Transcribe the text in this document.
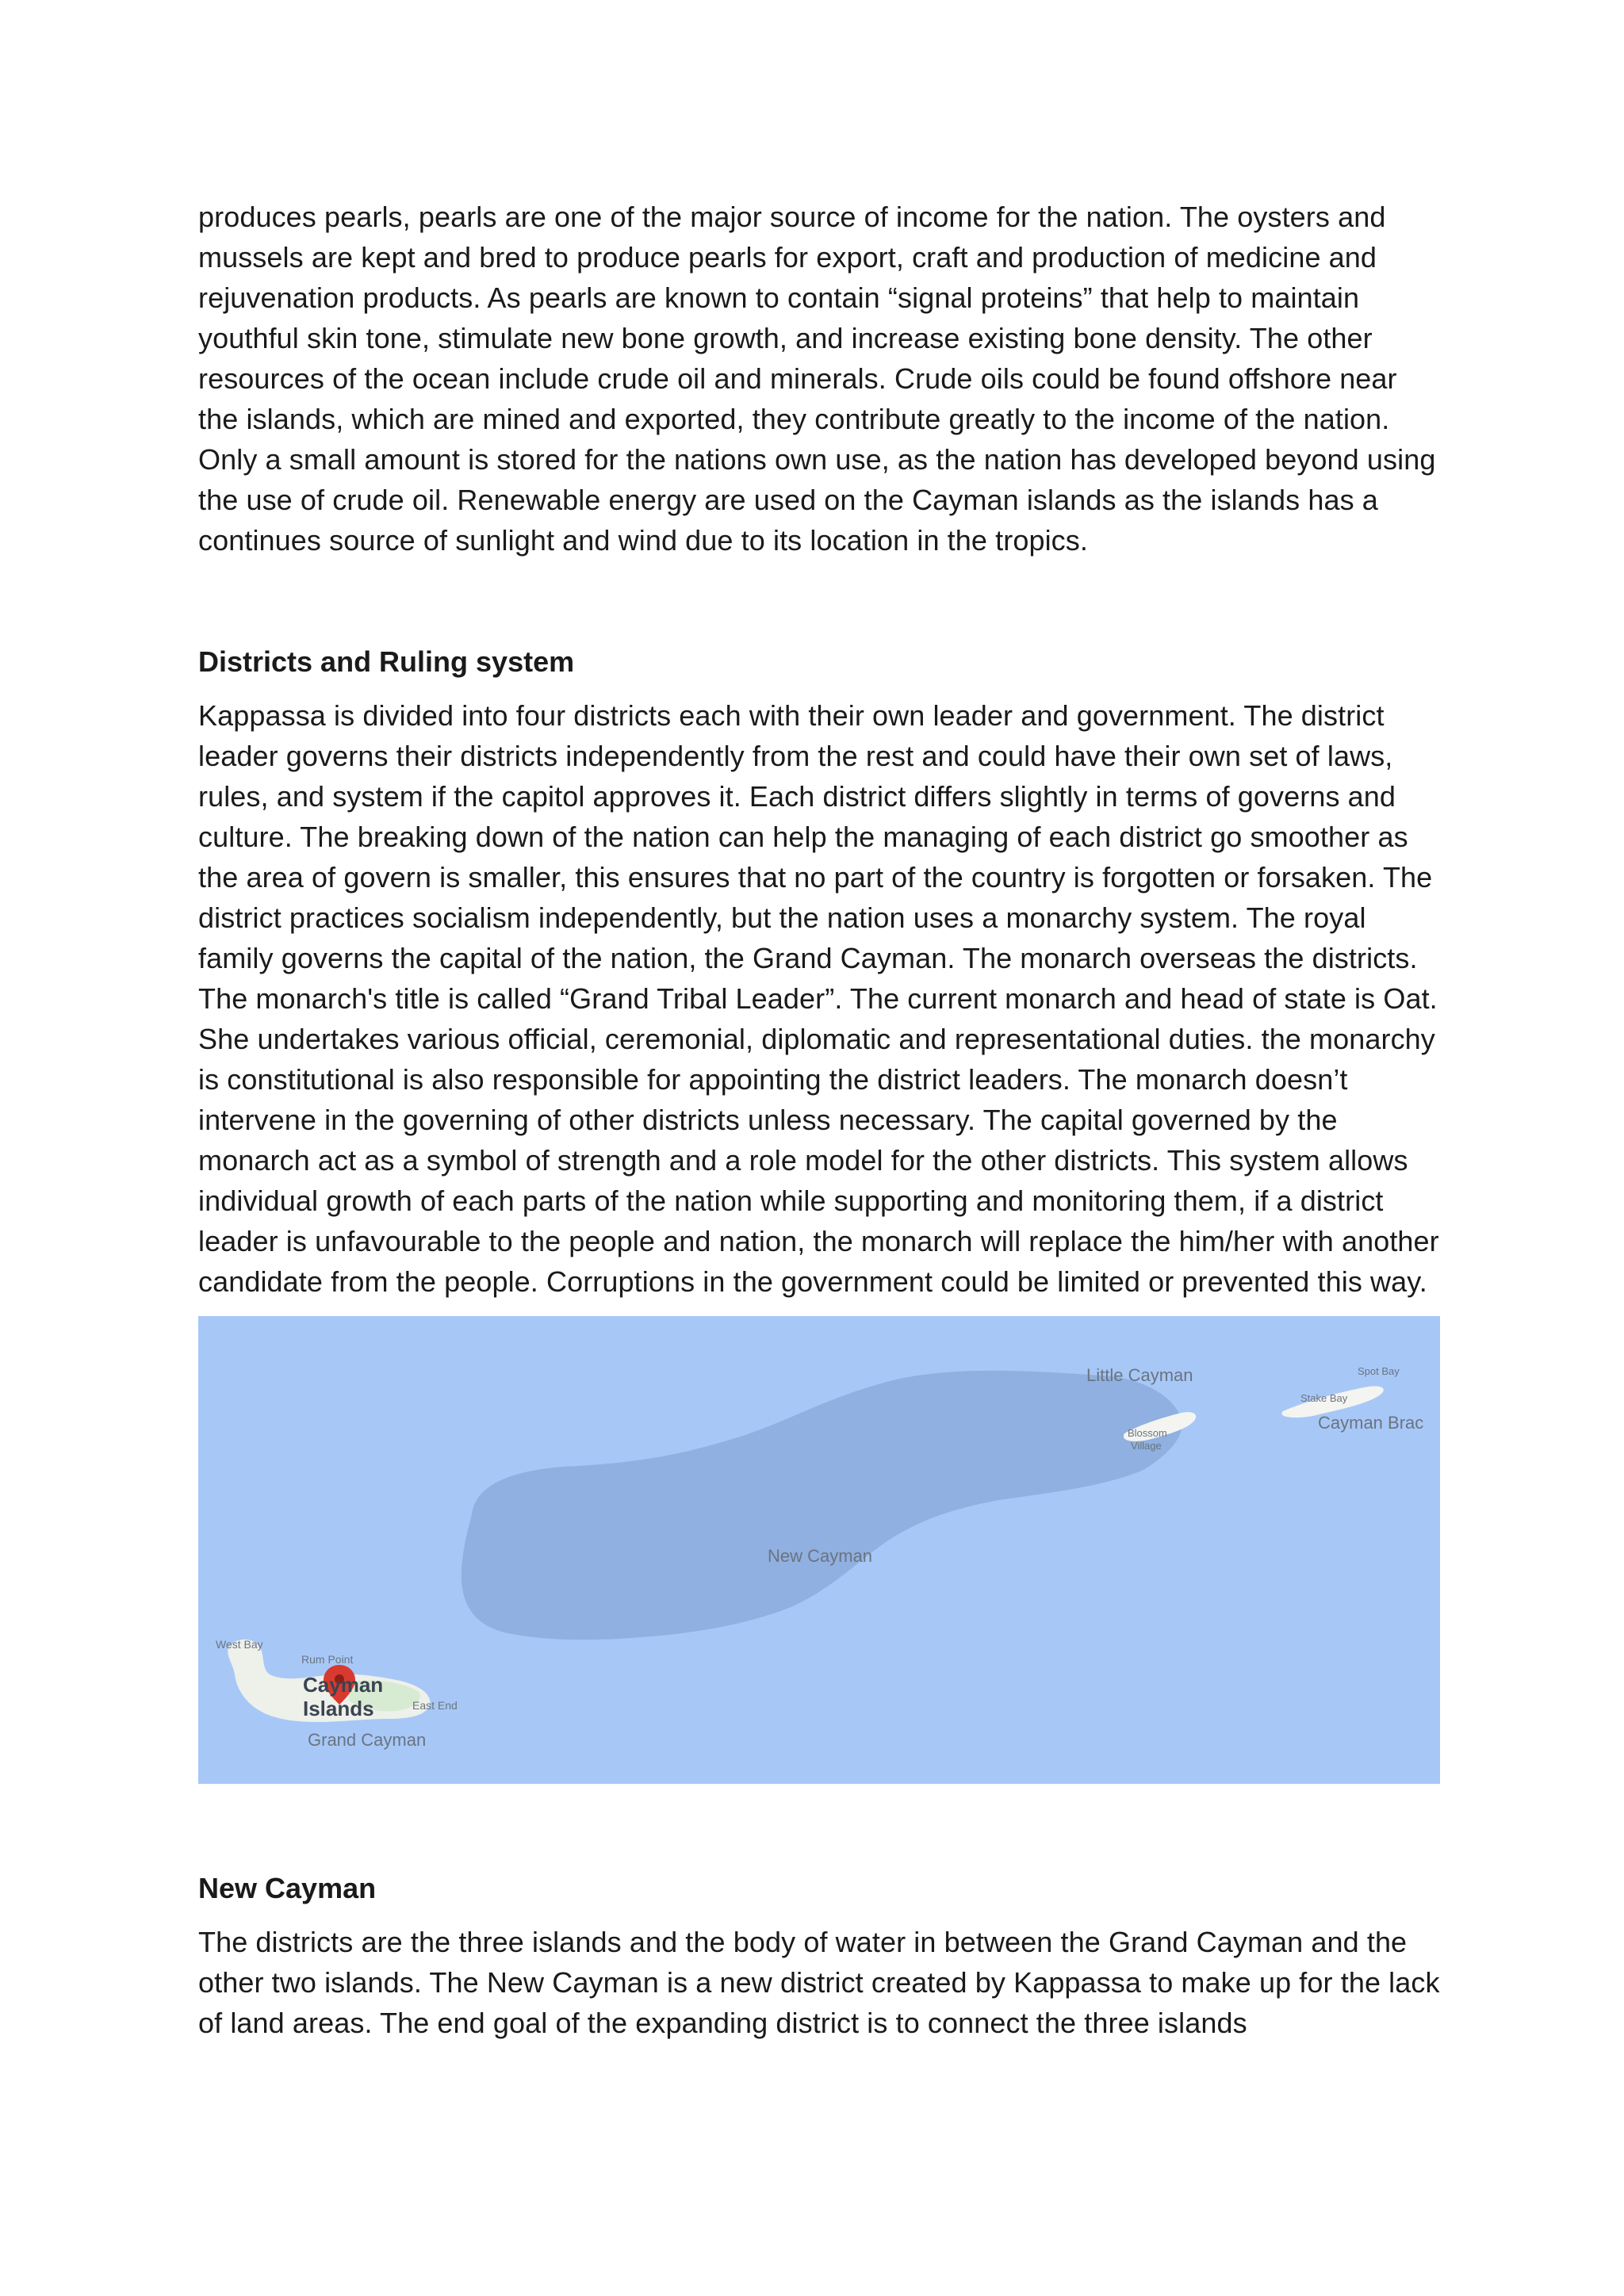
produces pearls, pearls are one of the major source of income for the nation. The oysters and mussels are kept and bred to produce pearls for export, craft and production of medicine and rejuvenation products. As pearls are known to contain “signal proteins” that help to maintain youthful skin tone, stimulate new bone growth, and increase existing bone density. The other resources of the ocean include crude oil and minerals. Crude oils could be found offshore near the islands, which are mined and exported, they contribute greatly to the income of the nation. Only a small amount is stored for the nations own use, as the nation has developed beyond using the use of crude oil. Renewable energy are used on the Cayman islands as the islands has a continues source of sunlight and wind due to its location in the tropics.

Districts and Ruling system

Kappassa is divided into four districts each with their own leader and government. The district leader governs their districts independently from the rest and could have their own set of laws, rules, and system if the capitol approves it. Each district differs slightly in terms of governs and culture. The breaking down of the nation can help the managing of each district go smoother as the area of govern is smaller, this ensures that no part of the country is forgotten or forsaken. The district practices socialism independently, but the nation uses a monarchy system. The royal family governs the capital of the nation, the Grand Cayman. The monarch overseas the districts. The monarch's title is called “Grand Tribal Leader”. The current monarch and head of state is Oat. She undertakes various official, ceremonial, diplomatic and representational duties. the monarchy is constitutional is also responsible for appointing the district leaders. The monarch doesn’t intervene in the governing of other districts unless necessary. The capital governed by the monarch act as a symbol of strength and a role model for the other districts. This system allows individual growth of each parts of the nation while supporting and monitoring them, if a district leader is unfavourable to the people and nation, the monarch will replace the him/her with another candidate from the people. Corruptions in the government could be limited or prevented this way.

Little Cayman
Blossom
Village
Spot Bay
Stake Bay
Cayman Brac
New Cayman
West Bay
Rum Point
Cayman
Islands	East End
Grand Cayman
New Cayman

The districts are the three islands and the body of water in between the Grand Cayman and the other two islands. The New Cayman is a new district created by Kappassa to make up for the lack of land areas. The end goal of the expanding district is to connect the three islands
